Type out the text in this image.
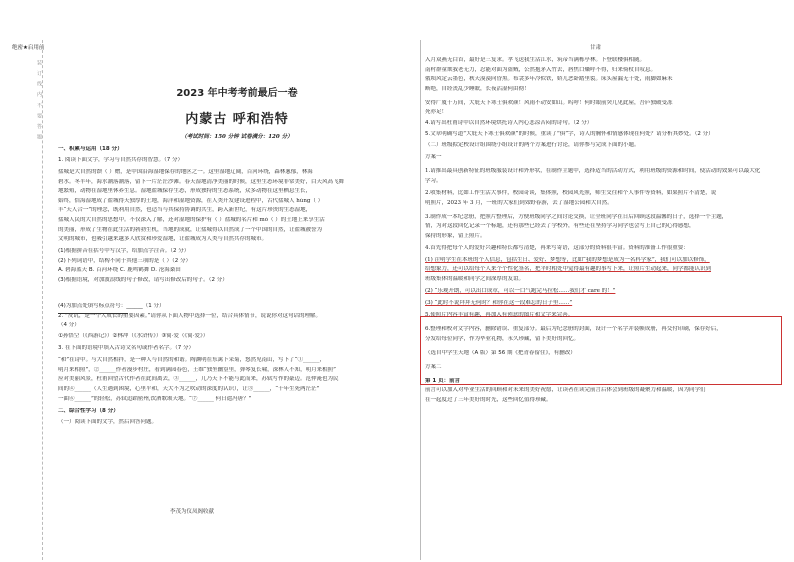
绝密★启用前
装 订 线 内 不 要 答 题	2023 年中考考前最后一卷
内蒙古 呼和浩特
（考试时间：150 分钟 试卷满分：120 分）
一、积累与运用（18 分）
1. 阅读下面文字，学习与自然共存的智慧。（7 分）
盐城是大自然的馈（ ）赠，是中国沿海湿地保存的地区之一。这里湿地辽阔，百河环绕，森林葱郁，林海
碧水。冬半年，海水潮落潮落，留下一片茫茫沙滩。春天湿地清净美丽的时候，这里生态环境非常美好，白天风高飞舞
地繁殖，动物在湿地里休养生息。湿地盐城保存生态，形成独特的生态系统，众多动物在这里栖息生长，
始终，恰海湿地成了盐城得天独厚的土地，海洋和湿地资源，在人类开发建设进程中，古代盐城人 hùng（ ）
丰“天人合一”的理念，既利用自然，也适当与其保持协调的共生，跨入新世纪，有这片珍贵的生态湿地，
盐城人民的大自然的思想中。不仅深入了解，还对湿地的保护有（ ）盐城的名片和 mó（ ）的土地上来享生活
的美丽，形成了生物在此生活的勃勃生机，当地的成就，让盐城得以自然成了一个中国的自然，让盐城被誉为
文明的城市，也吸引越来越多人欣赏和珍爱湿地，让盐城成为人类与自然共存的城市。
(1)根据拼音在括号中写汉字，给加点字注音。（2 分）
(2)下列词语中，结构不同于其他三项的是（ ）（2 分）
A. 碧海蓝天 B. 百河环绕 C. 鹿鸣鹤舞 D. 沧海桑田
(3)根据语境，对加波浪线的句子修改，请写出修改后的句子。（2 分）
(4)为加点处填写标点符号：______（1 分）
2. “反讥，是一个人成长的重要因素。”请你从下面人物中选择一位，结合具体情节，说说你对这句话的理解。
（4 分）
①孙悟空（《西游记》）②林冲（《水浒传》）③简·爱（《简·爱》）
3. 在下面的语境中填入古诗文名句或作者名字。（7 分）
“和”在诗中。与大自然相拌，是一种人与自然的和谐。陶渊明在东篱下采菊，悠然见南山，写下了“①______，
明月来相照”，②______作者漫步村庄，看到满园春色，王维“独坐幽篁里，弹琴复长啸，深林人不知，明月来相照”
应对美丽风景，杜甫回望古代作者在此间离去，③______，几乃天下不能与此而来，苏轼写作的豪迈。范仲淹也为民
间的④______（人生遇到困境，心里平和，天大不为之吹动的深度的认识），让③______，“十年生死两茫茫”
一曲⑥______”的轻松，苏轼追蹈密州,饮酒歌颂天地。“⑦______ 何日遣冯唐？”
二、综合性学习（8 分）
（一）阅读下面的文字，然后回答问题。
李茂为仪凤阁收献
甘肃
入月双燕无白首，最好是三复求。孝飞送我生沾江水，筑帝当满栋亭林。下登联楼俱相随。
南村群童欺我老无力，忍能对面为盗贼，公然抱茅入竹去，唇焦口燥呼不得，归来倚杖自叹息。
俄顷风定云墨色，秋天漠漠向昏黑。布衾多年冷似铁，娇儿恶卧踏里裂。床头屋漏无干处，雨脚如麻未
断绝，自经丧乱少睡眠，长夜沾湿何由彻！
安得广厦千万间，大庇天下寒士俱欢颜！风雨不动安如山。呜呼！何时眼前突兀见此屋，吾庐独破受冻
死亦足！
4.请写出杜甫诗中以自然环境烘托诗人内心悲凉苦闷的诗句。（2 分）
5.文章明确写道“大庇天下寒士俱欢颜”的时候，重读了“俱”字，诗人的胸怀和情感体现在何处？请分析其妙处。（2 分）
（二）班级拟定校设计组围绕小组设计的两个方案进行讨论，请你参与完成下面的小题。
方案一
1.请推出最具创新特征的班级服装设计和外形状，在制作主题中，选择适当的活动方式，利用班级的资源和时间，使活动的效果可以最大化
学习。
2.收集材料，比如工作生活大事件，校园奇谈，集体照，校园风光照，师生交往和个人事件等资料，如果照片不清楚，说
明照片，2023 年 3 月，一班的大家们到郊野春游，去了湿地公园和大自然。
3.制作成一本纪念册，把照片整理后，方便班级同学之间讨论交换，让全班同学在日后回顾这段温馨的日子，选择一个主题，
情，为对这段回忆记录一个标题，还有那些已经去了学校外，有些还在坚持学习同学也会写上自己的心得感想，
保持的形象，留上照片。
4.首先得把每个人的爱好兴趣和特长都写清楚，再来写寄语，这部分的资料很丰富。资料的准备工作很重要：
(1) 注明学生在本班的个人信息，包括生日、爱好、梦想等，比如“我的梦想是成为一名科学家”，我们可以加以修饰，
给想象力，还可以给每个人来个个性化签名，把平时相处中觉得最有趣的事写下来，让照片生动起来，同学都能认识到
班级集体的温暖和同学之间深厚的友谊。
(2) “乐观开朗，可以出口成章，可以一口气跑完马拉松……我们才 care 的！”
(3) “此时不说拜拜无何时？和你在这一段难忘的日子里……”
5.使照片内容丰富有趣，再加入有创意的图片和文字来完善。
6.整理和校对文字内容，删除错误、重复部分。最后为纪念册的封面，设计一个名字并装帧成册，再交付印刷，保存好后，
分发给每位同学，作为毕业礼物，永久珍藏，留下美好的回忆。
（选自中学生天地（A 版）第 56 期《把青春留住》，有删改）
方案二
第 1 页：前言
前言可以加入对毕业生活的回顾和对未来的美好祝愿，让读者在读完前言后体会到班级的凝聚力和温暖，因为同学们
在一起度过了三年美好的时光，这些回忆值得珍藏。
